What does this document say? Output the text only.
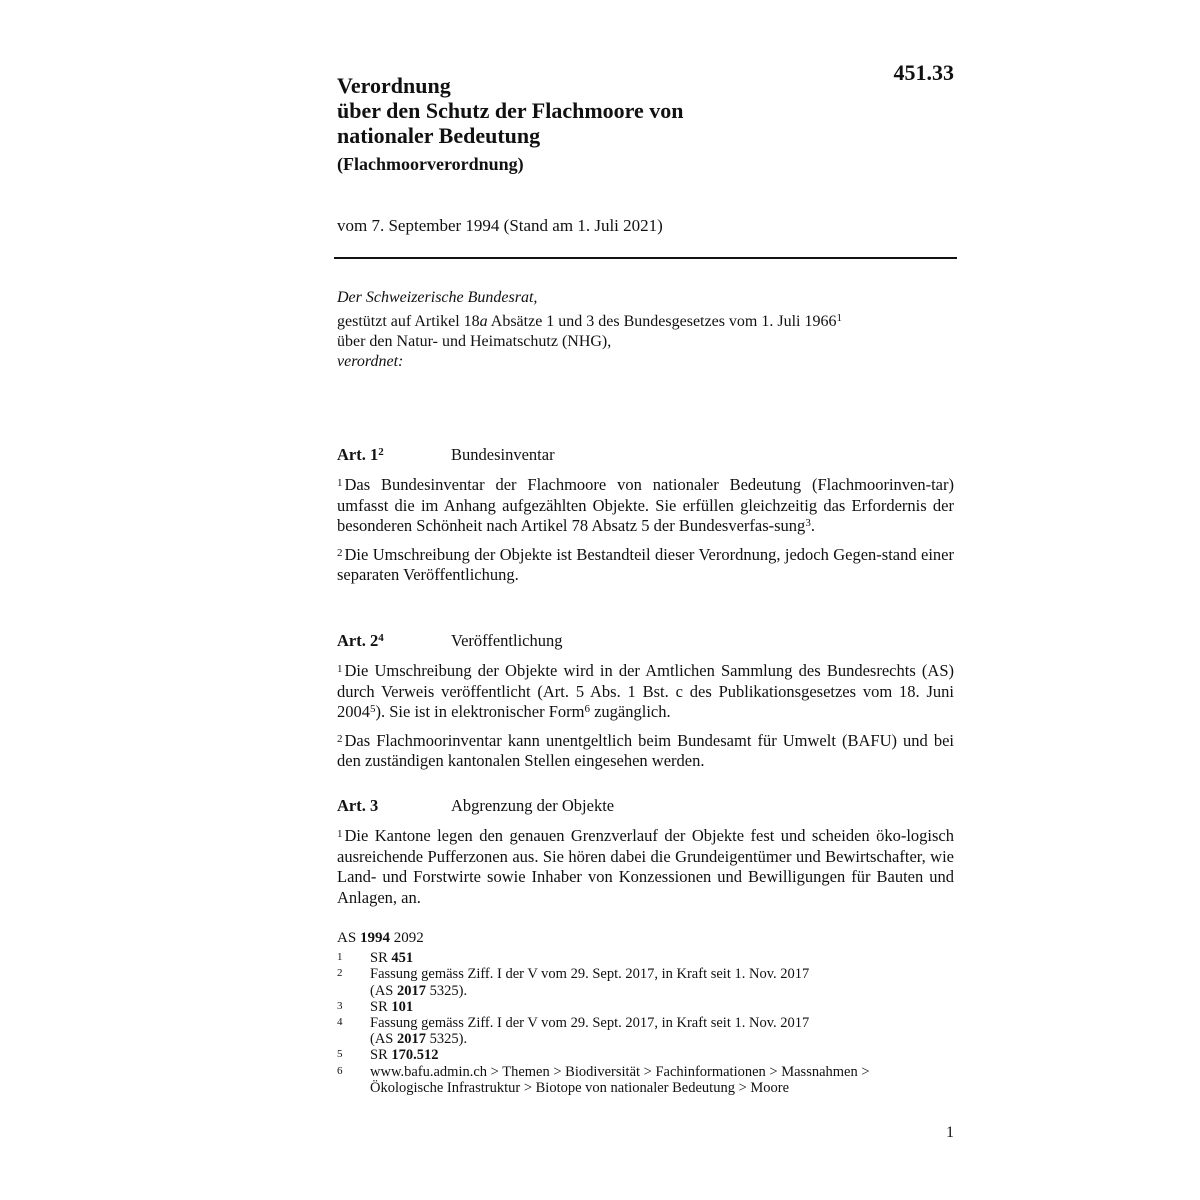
451.33
Verordnung
über den Schutz der Flachmoore von
nationaler Bedeutung
(Flachmoorverordnung)
vom 7. September 1994 (Stand am 1. Juli 2021)
Der Schweizerische Bundesrat,
gestützt auf Artikel 18a Absätze 1 und 3 des Bundesgesetzes vom 1. Juli 1966$^1$
über den Natur- und Heimatschutz (NHG),
verordnet:
Art. $1^2$	Bundesinventar
$^1$ Das Bundesinventar der Flachmoore von nationaler Bedeutung (Flachmoorinven-tar) umfasst die im Anhang aufgezählten Objekte. Sie erfüllen gleichzeitig das Erfordernis der besonderen Schönheit nach Artikel 78 Absatz 5 der Bundesverfas-sung$^3$.
$^2$ Die Umschreibung der Objekte ist Bestandteil dieser Verordnung, jedoch Gegen-stand einer separaten Veröffentlichung.
Art. $2^4$	Veröffentlichung
$^1$ Die Umschreibung der Objekte wird in der Amtlichen Sammlung des Bundesrechts (AS) durch Verweis veröffentlicht (Art. 5 Abs. 1 Bst. c des Publikationsgesetzes vom 18. Juni 2004$^5$). Sie ist in elektronischer Form$^6$ zugänglich.
$^2$ Das Flachmoorinventar kann unentgeltlich beim Bundesamt für Umwelt (BAFU) und bei den zuständigen kantonalen Stellen eingesehen werden.
Art. 3	Abgrenzung der Objekte
$^1$ Die Kantone legen den genauen Grenzverlauf der Objekte fest und scheiden öko-logisch ausreichende Pufferzonen aus. Sie hören dabei die Grundeigentümer und Bewirtschafter, wie Land- und Forstwirte sowie Inhaber von Konzessionen und Bewilligungen für Bauten und Anlagen, an.
AS 1994 2092
1 SR 451
2 Fassung gemäss Ziff. I der V vom 29. Sept. 2017, in Kraft seit 1. Nov. 2017
(AS 2017 5325).
3 SR 101
4 Fassung gemäss Ziff. I der V vom 29. Sept. 2017, in Kraft seit 1. Nov. 2017
(AS 2017 5325).
5 SR 170.512
6 www.bafu.admin.ch > Themen > Biodiversität > Fachinformationen > Massnahmen >
Ökologische Infrastruktur > Biotope von nationaler Bedeutung > Moore
1
